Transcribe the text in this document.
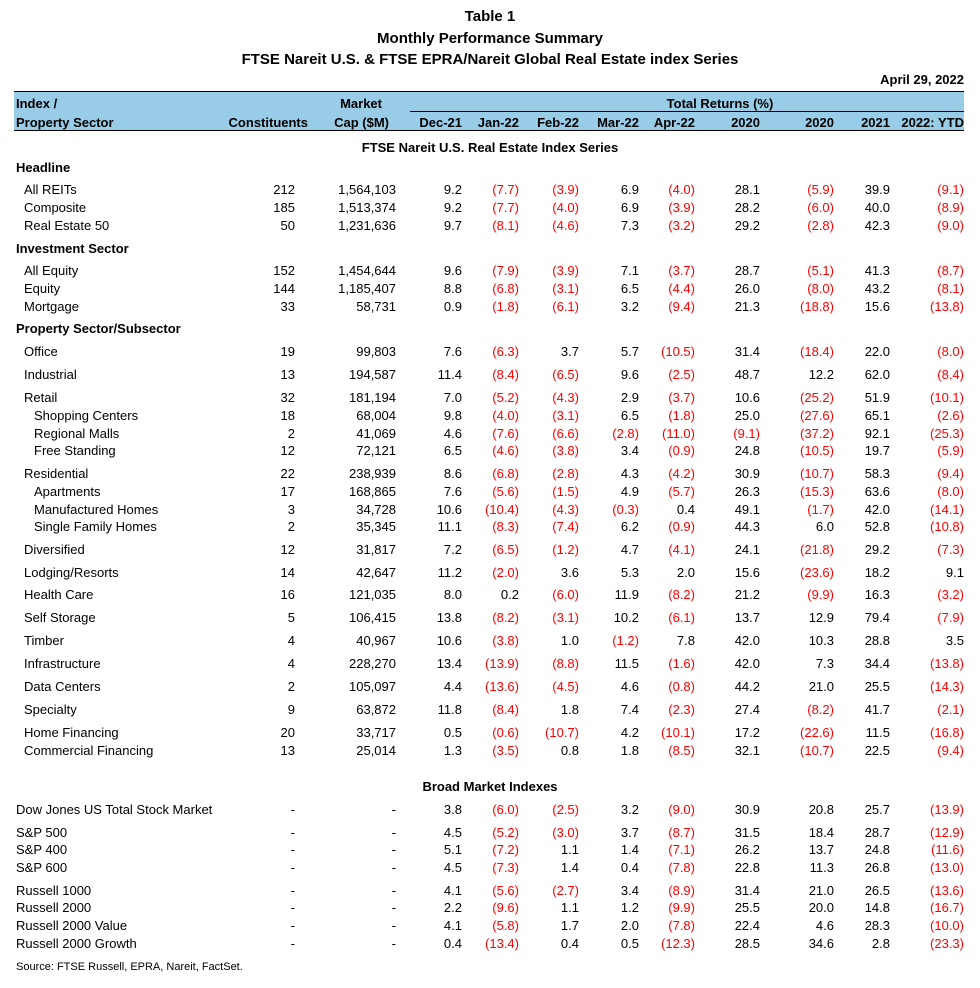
Table 1
Monthly Performance Summary
FTSE Nareit U.S. & FTSE EPRA/Nareit Global Real Estate index Series
April 29, 2022
Index /
Property Sector	Constituents
Market
Cap ($M)
Total Returns (%)
Dec-21	Jan-22	Feb-22	Mar-22	Apr-22	2020	2020	2021 2022: YTD
FTSE Nareit U.S. Real Estate Index Series
Headline
Investment Sector
Property Sector/Subsector
All REITs	212	1,564,103	9.2	(7.7)	(3.9)	6.9	(4.0)	28.1	(5.9)	39.9	(9.1)
Composite	185	1,513,374	9.2	(7.7)	(4.0)	6.9	(3.9)	28.2	(6.0)	40.0	(8.9)
Real Estate 50	50	1,231,636	9.7	(8.1)	(4.6)	7.3	(3.2)	29.2	(2.8)	42.3	(9.0)
All Equity	152	1,454,644	9.6	(7.9)	(3.9)	7.1	(3.7)	28.7	(5.1)	41.3	(8.7)
Equity	144	1,185,407	8.8	(6.8)	(3.1)	6.5	(4.4)	26.0	(8.0)	43.2	(8.1)
Mortgage	33	58,731	0.9	(1.8)	(6.1)	3.2	(9.4)	21.3	(18.8)	15.6	(13.8)
Office	19	99,803	7.6	(6.3)	3.7	5.7	(10.5)	31.4	(18.4)	22.0	(8.0)
Industrial	13	194,587	11.4	(8.4)	(6.5)	9.6	(2.5)	48.7	12.2	62.0	(8.4)
Retail	32	181,194	7.0	(5.2)	(4.3)	2.9	(3.7)	10.6	(25.2)	51.9	(10.1)
Shopping Centers	18	68,004	9.8	(4.0)	(3.1)	6.5	(1.8)	25.0	(27.6)	65.1	(2.6)
Regional Malls	2	41,069	4.6	(7.6)	(6.6)	(2.8)	(11.0)	(9.1)	(37.2)	92.1	(25.3)
Free Standing	12	72,121	6.5	(4.6)	(3.8)	3.4	(0.9)	24.8	(10.5)	19.7	(5.9)
Residential	22	238,939	8.6	(6.8)	(2.8)	4.3	(4.2)	30.9	(10.7)	58.3	(9.4)
Apartments	17	168,865	7.6	(5.6)	(1.5)	4.9	(5.7)	26.3	(15.3)	63.6	(8.0)
Manufactured Homes	3	34,728	10.6	(10.4)	(4.3)	(0.3)	0.4	49.1	(1.7)	42.0	(14.1)
Single Family Homes	2	35,345	11.1	(8.3)	(7.4)	6.2	(0.9)	44.3	6.0	52.8	(10.8)
Diversified	12	31,817	7.2	(6.5)	(1.2)	4.7	(4.1)	24.1	(21.8)	29.2	(7.3)
Lodging/Resorts	14	42,647	11.2	(2.0)	3.6	5.3	2.0	15.6	(23.6)	18.2	9.1
Health Care	16	121,035	8.0	0.2	(6.0)	11.9	(8.2)	21.2	(9.9)	16.3	(3.2)
Self Storage	5	106,415	13.8	(8.2)	(3.1)	10.2	(6.1)	13.7	12.9	79.4	(7.9)
Timber	4	40,967	10.6	(3.8)	1.0	(1.2)	7.8	42.0	10.3	28.8	3.5
Infrastructure	4	228,270	13.4	(13.9)	(8.8)	11.5	(1.6)	42.0	7.3	34.4	(13.8)
Data Centers	2	105,097	4.4	(13.6)	(4.5)	4.6	(0.8)	44.2	21.0	25.5	(14.3)
Specialty	9	63,872	11.8	(8.4)	1.8	7.4	(2.3)	27.4	(8.2)	41.7	(2.1)
Home Financing	20	33,717	0.5	(0.6)	(10.7)	4.2	(10.1)	17.2	(22.6)	11.5	(16.8)
Commercial Financing	13	25,014	1.3	(3.5)	0.8	1.8	(8.5)	32.1	(10.7)	22.5	(9.4)
Broad Market Indexes
Dow Jones US Total Stock Market	-	-	3.8	(6.0)	(2.5)	3.2	(9.0)	30.9	20.8	25.7	(13.9)
S&P 500	-	-	4.5	(5.2)	(3.0)	3.7	(8.7)	31.5	18.4	28.7	(12.9)
S&P 400	-	-	5.1	(7.2)	1.1	1.4	(7.1)	26.2	13.7	24.8	(11.6)
S&P 600	-	-	4.5	(7.3)	1.4	0.4	(7.8)	22.8	11.3	26.8	(13.0)
Russell 1000	-	-	4.1	(5.6)	(2.7)	3.4	(8.9)	31.4	21.0	26.5	(13.6)
Russell 2000	-	-	2.2	(9.6)	1.1	1.2	(9.9)	25.5	20.0	14.8	(16.7)
Russell 2000 Value	-	-	4.1	(5.8)	1.7	2.0	(7.8)	22.4	4.6	28.3	(10.0)
Russell 2000 Growth	-	-	0.4	(13.4)	0.4	0.5	(12.3)	28.5	34.6	2.8	(23.3)
Source: FTSE Russell, EPRA, Nareit, FactSet.
